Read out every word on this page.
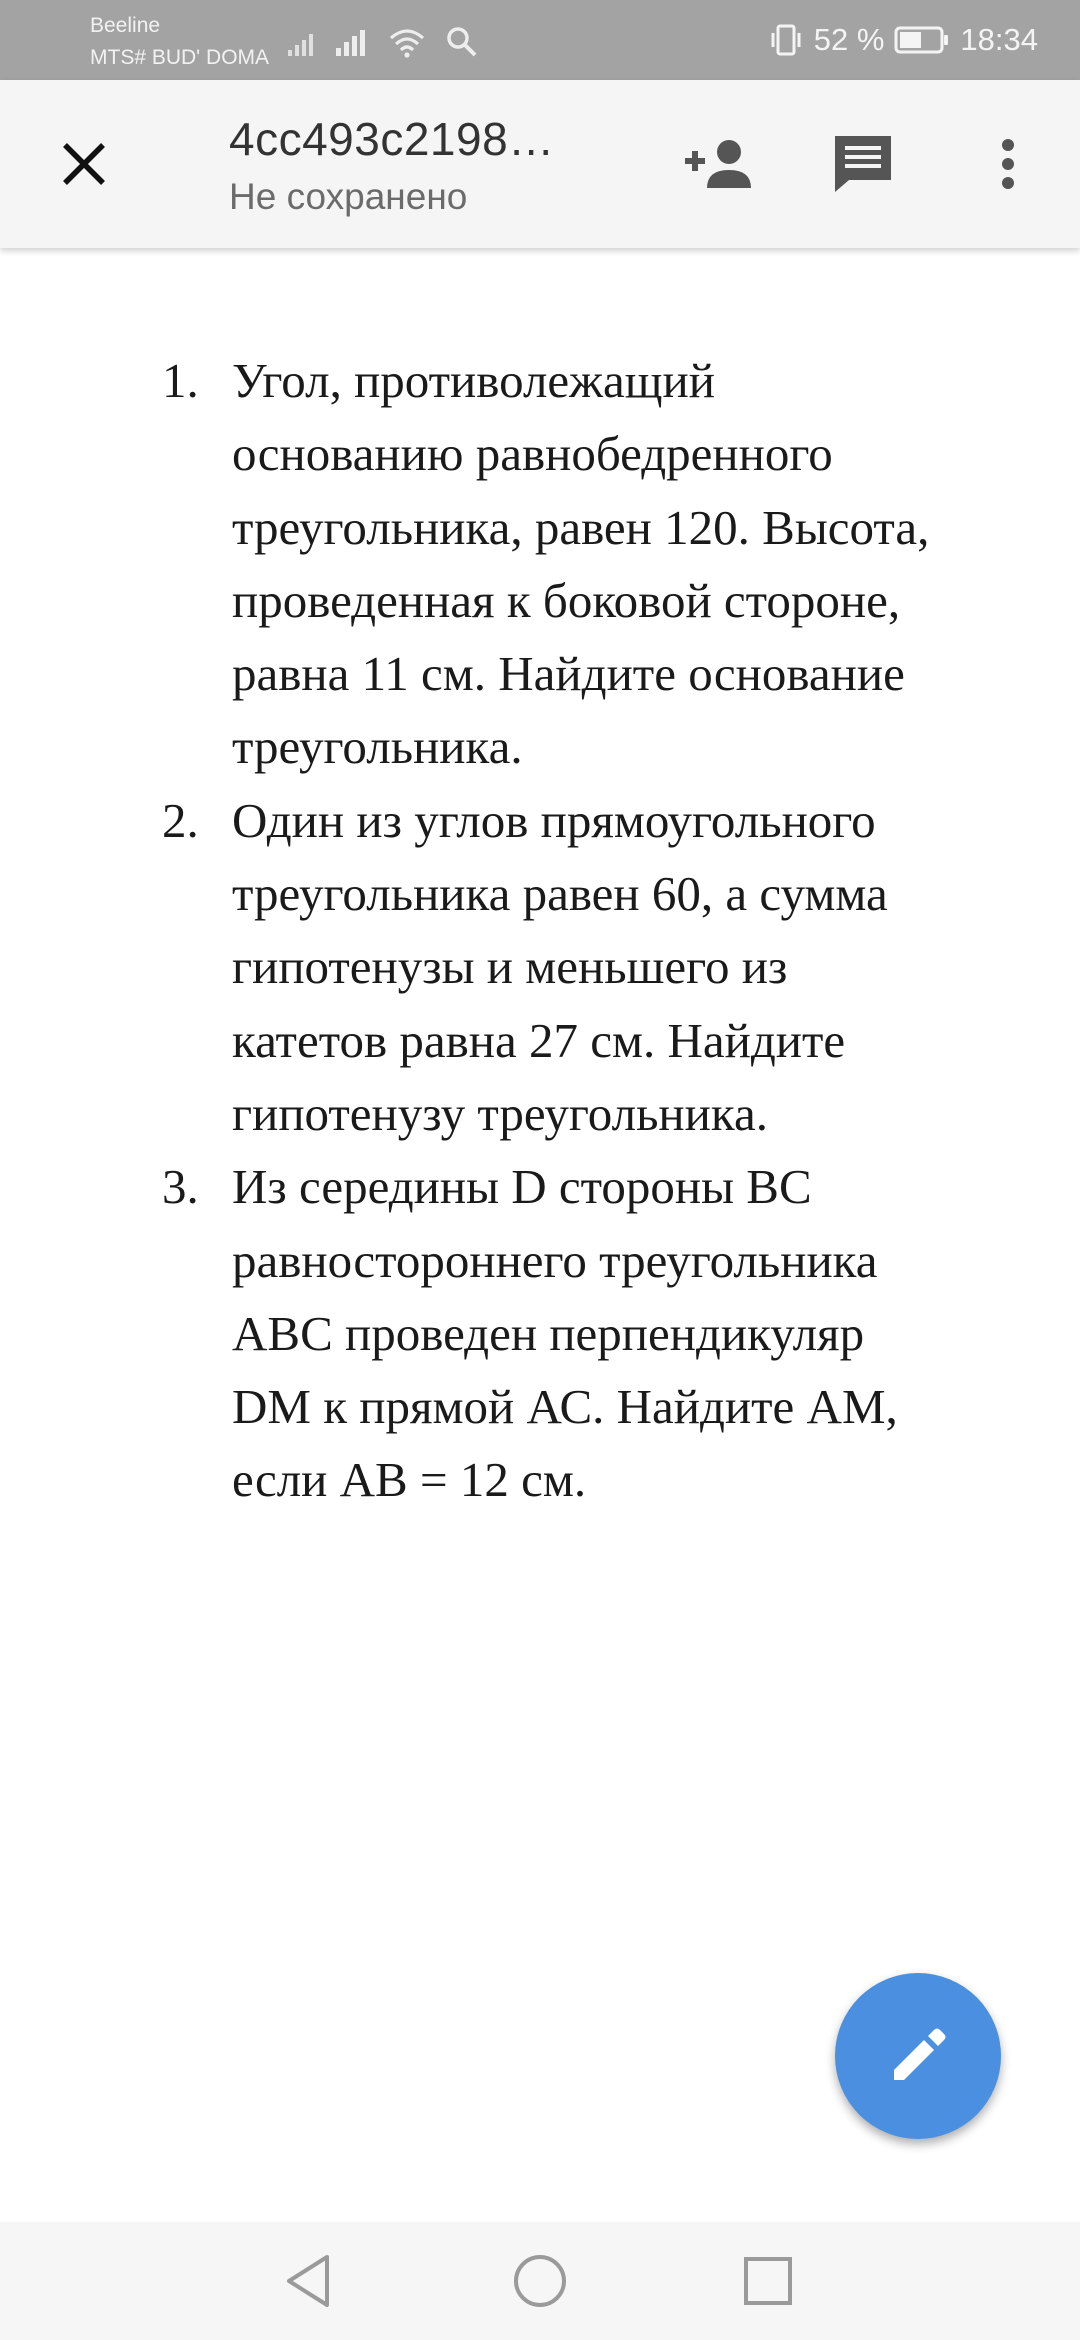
Beeline
MTS# BUD' DOMA
52 % 18:34
4cc493c2198…
Не сохранено
1. Угол, противолежащий
основанию равнобедренного
треугольника, равен 120. Высота,
проведенная к боковой стороне,
равна 11 см. Найдите основание
треугольника.
2. Один из углов прямоугольного
треугольника равен 60, а сумма
гипотенузы и меньшего из
катетов равна 27 см. Найдите
гипотенузу треугольника.
3. Из середины D стороны ВС
равностороннего треугольника
АВС проведен перпендикуляр
DM к прямой АС. Найдите АМ,
если АВ = 12 см.
